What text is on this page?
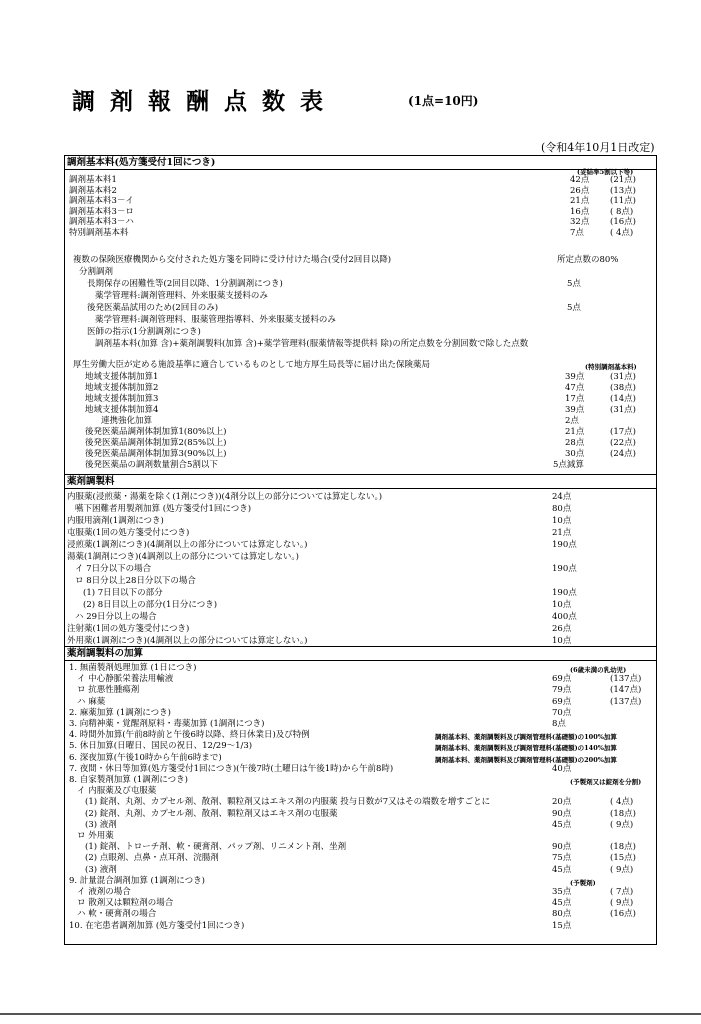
調剤報酬点数表	(1点=10円)
(令和4年10月1日改定)
調剤基本料(処方箋受付1回につき)
(妥結率5割以下等)
調剤基本料1	42点 (21点)
調剤基本料2	26点 (13点)
調剤基本料3－イ	21点 (11点)
調剤基本料3－ロ	16点 ( 8点)
調剤基本料3－ハ	32点 (16点)
特別調剤基本料	7点	( 4点)
複数の保険医療機関から交付された処方箋を同時に受け付けた場合(受付2回目以降)	所定点数の80%
分割調剤
長期保存の困難性等(2回目以降、1分割調剤につき)	5点
薬学管理料:調剤管理料、外来服薬支援料のみ
後発医薬品試用のため(2回目のみ)	5点
薬学管理料:調剤管理料、服薬管理指導料、外来服薬支援料のみ
医師の指示(1分割調剤につき)
調剤基本料(加算 含)+薬剤調製料(加算 含)+薬学管理料(服薬情報等提供料 除)の所定点数を分割回数で除した点数
厚生労働大臣が定める施設基準に適合しているものとして地方厚生局長等に届け出た保険薬局	(特別調剤基本料)
地域支援体制加算1	39点	(31点)
地域支援体制加算2	47点	(38点)
地域支援体制加算3	17点	(14点)
地域支援体制加算4	39点	(31点)
連携強化加算	2点
後発医薬品調剤体制加算1(80%以上)	21点	(17点)
後発医薬品調剤体制加算2(85%以上)	28点	(22点)
後発医薬品調剤体制加算3(90%以上)	30点	(24点)
後発医薬品の調剤数量割合5割以下	5点減算
薬剤調製料
内服薬(浸煎薬・湯薬を除く(1剤につき))(4剤分以上の部分については算定しない。)	24点
嚥下困難者用製剤加算 (処方箋受付1回につき)	80点
内服用滴剤(1調剤につき)	10点
屯服薬(1回の処方箋受付につき)	21点
浸煎薬(1調剤につき)(4調剤以上の部分については算定しない。)	190点
湯薬(1調剤につき)(4調剤以上の部分については算定しない。)
イ 7日分以下の場合	190点
ロ 8日分以上28日分以下の場合
(1) 7日目以下の部分	190点
(2) 8日目以上の部分(1日分につき)	10点
ハ 29日分以上の場合	400点
注射薬(1回の処方箋受付につき)	26点
外用薬(1調剤につき)(4調剤以上の部分については算定しない。)	10点
薬剤調製料の加算
1. 無菌製剤処理加算 (1日につき)	(6歳未満の乳幼児)
イ 中心静脈栄養法用輸液	69点	(137点)
ロ 抗悪性腫瘍剤	79点	(147点)
ハ 麻薬	69点	(137点)
2. 麻薬加算 (1調剤につき)	70点
3. 向精神薬・覚醒剤原料・毒薬加算 (1調剤につき)	8点
4. 時間外加算(午前8時前と午後6時以降、終日休業日)及び特例	調剤基本料、薬剤調製料及び調剤管理料(基礎額)の100%加算
5. 休日加算(日曜日、国民の祝日、12/29～1/3)	調剤基本料、薬剤調製料及び調剤管理料(基礎額)の140%加算
6. 深夜加算(午後10時から午前6時まで)	調剤基本料、薬剤調製料及び調剤管理料(基礎額)の200%加算
7. 夜間・休日等加算(処方箋受付1回につき)(午後7時(土曜日は午後1時)から午前8時)	40点
8. 自家製剤加算 (1調剤につき)	(予製剤又は錠剤を分割)
イ 内服薬及び屯服薬
(1) 錠剤、丸剤、カプセル剤、散剤、顆粒剤又はエキス剤の内服薬 投与日数が7又はその端数を増すごとに	20点	( 4点)
(2) 錠剤、丸剤、カプセル剤、散剤、顆粒剤又はエキス剤の屯服薬	90点	(18点)
(3) 液剤	45点	( 9点)
ロ 外用薬
(1) 錠剤、トローチ剤、軟・硬膏剤、パップ剤、リニメント剤、坐剤	90点	(18点)
(2) 点眼剤、点鼻・点耳剤、浣腸剤	75点	(15点)
(3) 液剤	45点	( 9点)
9. 計量混合調剤加算 (1調剤につき)	(予製剤)
イ 液剤の場合	35点	( 7点)
ロ 散剤又は顆粒剤の場合	45点	( 9点)
ハ 軟・硬膏剤の場合	80点	(16点)
10. 在宅患者調剤加算 (処方箋受付1回につき)	15点
